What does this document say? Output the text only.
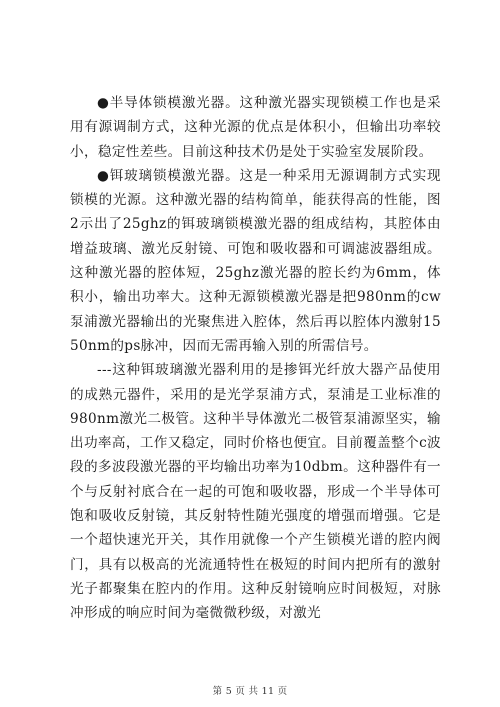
●半导体锁模激光器。这种激光器实现锁模工作也是采用有源调制方式，这种光源的优点是体积小，但输出功率较小，稳定性差些。目前这种技术仍是处于实验室发展阶段。

●铒玻璃锁模激光器。这是一种采用无源调制方式实现锁模的光源。这种激光器的结构简单，能获得高的性能，图2示出了25ghz的铒玻璃锁模激光器的组成结构，其腔体由增益玻璃、激光反射镜、可饱和吸收器和可调滤波器组成。这种激光器的腔体短，25ghz激光器的腔长约为6mm，体积小，输出功率大。这种无源锁模激光器是把980nm的cw泵浦激光器输出的光聚焦进入腔体，然后再以腔体内激射1550nm的ps脉冲，因而无需再输入别的所需信号。

---这种铒玻璃激光器利用的是掺铒光纤放大器产品使用的成熟元器件，采用的是光学泵浦方式，泵浦是工业标准的980nm激光二极管。这种半导体激光二极管泵浦源坚实，输出功率高，工作又稳定，同时价格也便宜。目前覆盖整个c波段的多波段激光器的平均输出功率为10dbm。这种器件有一个与反射衬底合在一起的可饱和吸收器，形成一个半导体可饱和吸收反射镜，其反射特性随光强度的增强而增强。它是一个超快速光开关，其作用就像一个产生锁模光谱的腔内阀门，具有以极高的光流通特性在极短的时间内把所有的激射光子都聚集在腔内的作用。这种反射镜响应时间极短，对脉冲形成的响应时间为毫微微秒级，对激光

第 5 页 共 11 页
